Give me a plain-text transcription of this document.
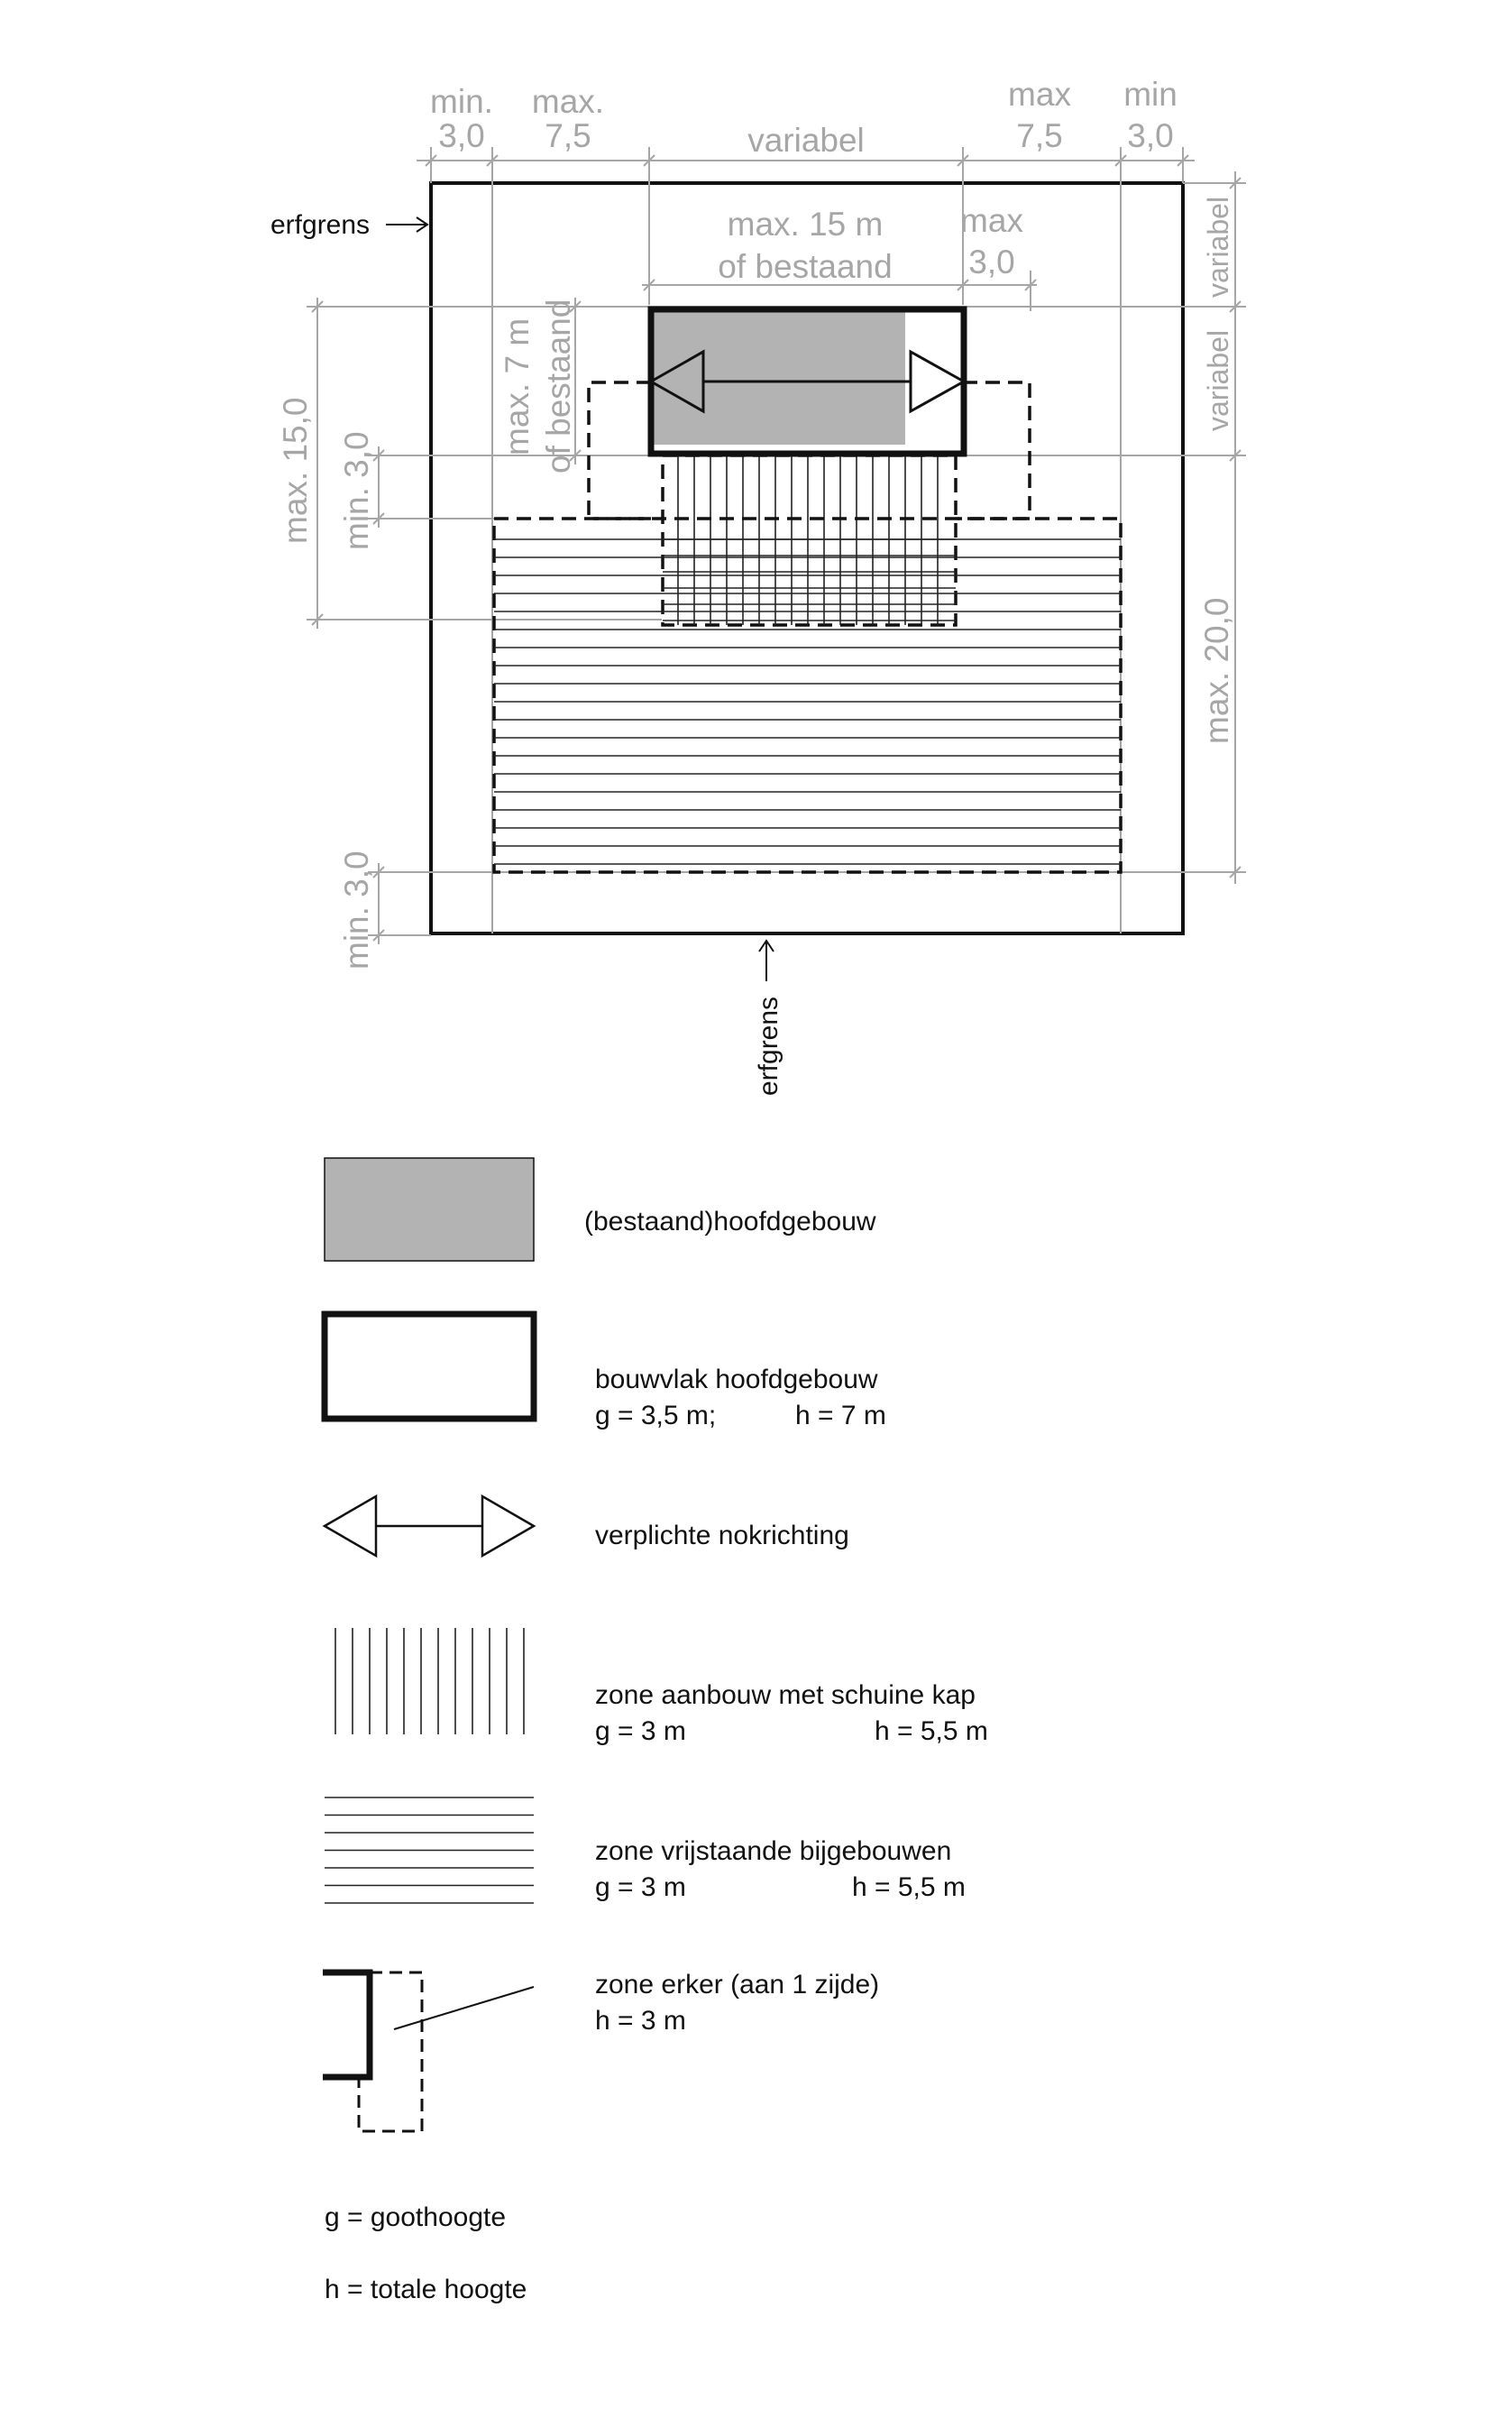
erfgrens
erfgrens
min.
3,0
max.
7,5	variabel
max
7,5
min
3,0
max. 15 m
of bestaand
max
3,0
max. 7 m of bestaand
max. 15,0 min. 3,0
min. 3,0
variabel
variabel
max. 20,0
(bestaand)hoofdgebouw
bouwvlak hoofdgebouw
g = 3,5 m;	h = 7 m
verplichte nokrichting
zone aanbouw met schuine kap
g = 3 m	h = 5,5 m
zone vrijstaande bijgebouwen
g = 3 m	h = 5,5 m
zone erker (aan 1 zijde)
h = 3 m
g = goothoogte
h = totale hoogte
